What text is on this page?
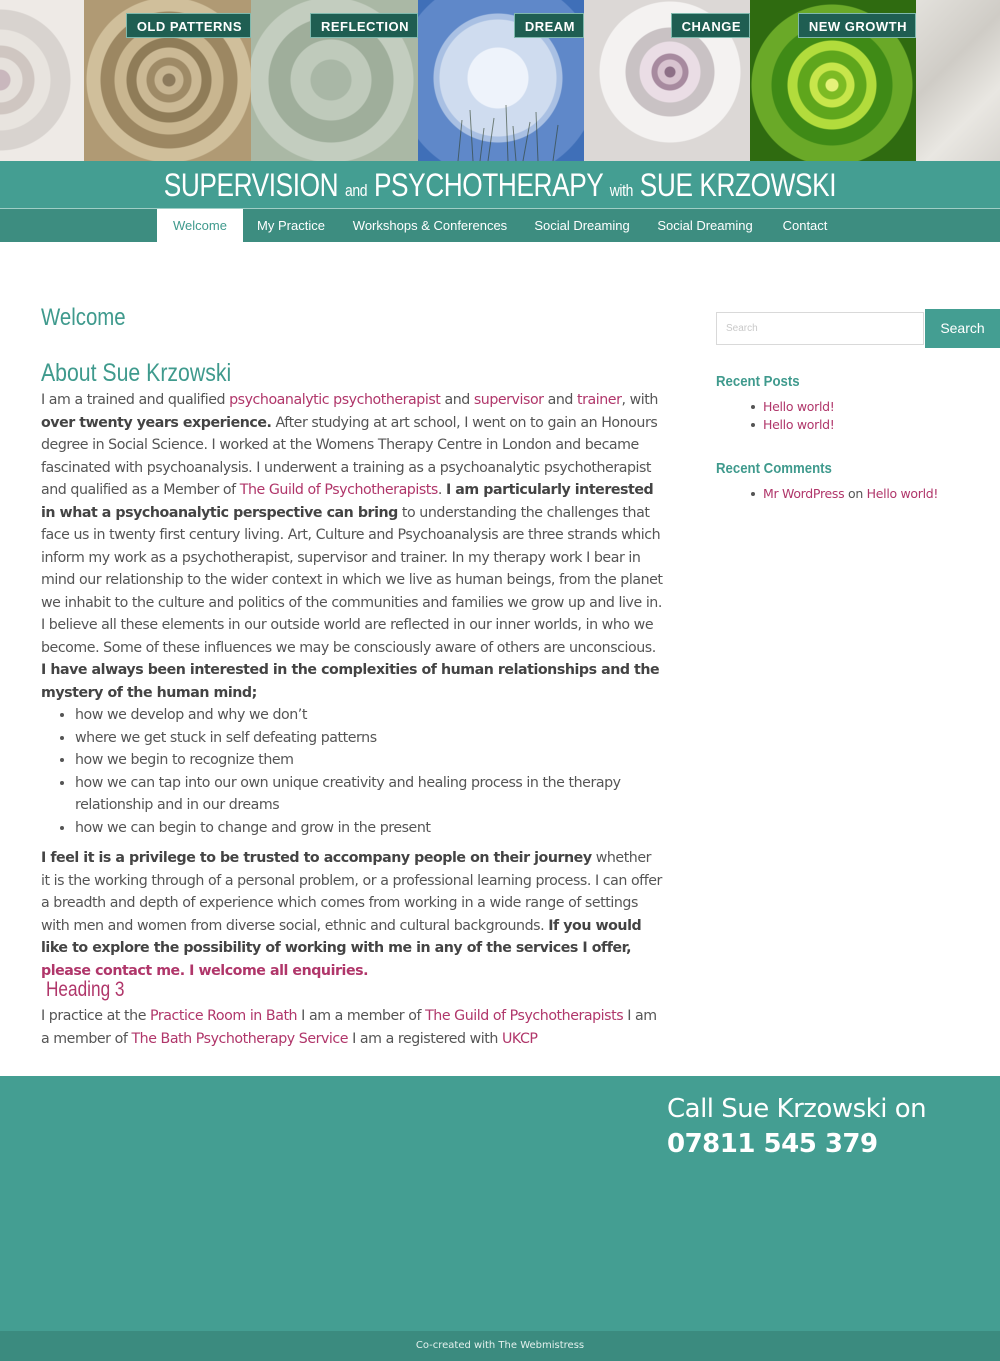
OLD PATTERNS	REFLECTION	DREAM	CHANGE	NEW GROWTH
SUPERVISION and PSYCHOTHERAPY with SUE KRZOWSKI
Welcome	My Practice	Workshops & Conferences	Social Dreaming	Social Dreaming	Contact
Welcome
About Sue Krzowski

I am a trained and qualified psychoanalytic psychotherapist and supervisor and trainer, with over twenty years experience. After studying at art school, I went on to gain an Honours degree in Social Science. I worked at the Womens Therapy Centre in London and became fascinated with psychoanalysis. I underwent a training as a psychoanalytic psychotherapist and qualified as a Member of The Guild of Psychotherapists. I am particularly interested in what a psychoanalytic perspective can bring to understanding the challenges that face us in twenty first century living. Art, Culture and Psychoanalysis are three strands which inform my work as a psychotherapist, supervisor and trainer. In my therapy work I bear in mind our relationship to the wider context in which we live as human beings, from the planet we inhabit to the culture and politics of the communities and families we grow up and live in. I believe all these elements in our outside world are reflected in our inner worlds, in who we become. Some of these influences we may be consciously aware of others are unconscious. I have always been interested in the complexities of human relationships and the mystery of the human mind;

• how we develop and why we don’t
• where we get stuck in self defeating patterns
• how we begin to recognize them
• how we can tap into our own unique creativity and healing process in the therapy relationship and in our dreams
• how we can begin to change and grow in the present

I feel it is a privilege to be trusted to accompany people on their journey whether it is the working through of a personal problem, or a professional learning process. I can offer a breadth and depth of experience which comes from working in a wide range of settings with men and women from diverse social, ethnic and cultural backgrounds. If you would like to explore the possibility of working with me in any of the services I offer, please contact me. I welcome all enquiries.

Heading 3
I practice at the Practice Room in Bath I am a member of The Guild of Psychotherapists I am a member of The Bath Psychotherapy Service I am a registered with UKCP
Search	Search
Recent Posts
Hello world!
Hello world!
Recent Comments
Mr WordPress on Hello world!
Call Sue Krzowski on 07811 545 379
Co-created with The Webmistress
